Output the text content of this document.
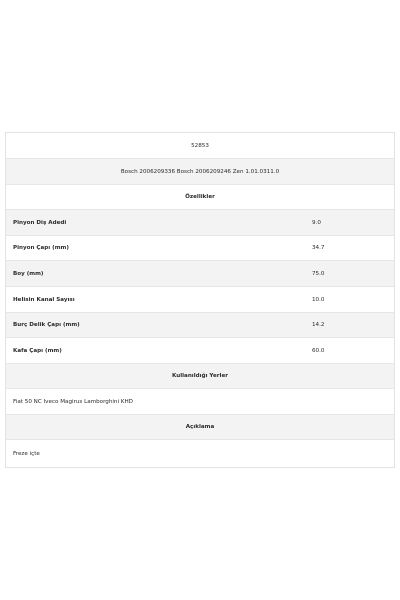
52853
Bosch 2006209336 Bosch 2006209246 Zen 1.01.0311.0
Özellikler
Pinyon Diş Adedi	9.0
Pinyon Çapı (mm)	34.7
Boy (mm)	75.0
Helisin Kanal Sayısı	10.0
Burç Delik Çapı (mm)	14.2
Kafa Çapı (mm)	60.0
Kullanıldığı Yerler
Fiat 50 NC Iveco Magirus Lamborghini KHD
Açıklama
Freze içte
